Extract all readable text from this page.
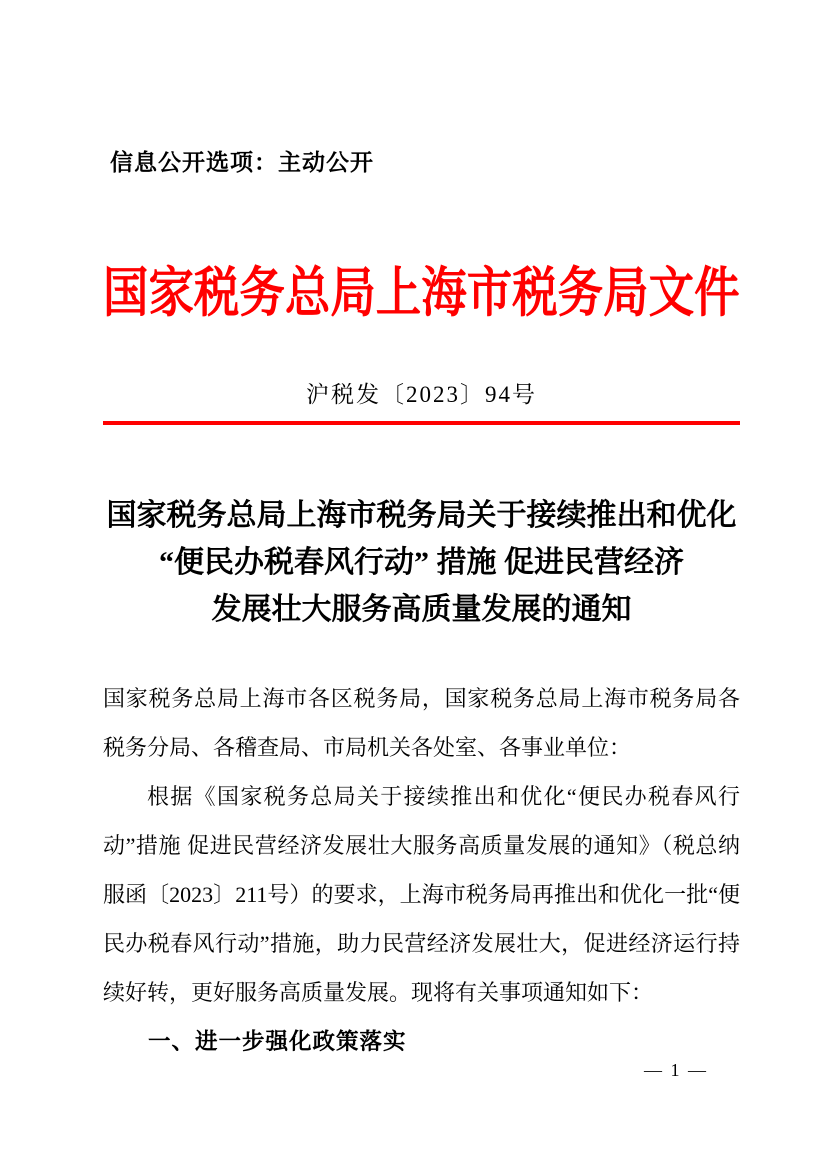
信息公开选项：主动公开
国家税务总局上海市税务局文件
沪税发〔2023〕94号
国家税务总局上海市税务局关于接续推出和优化
“便民办税春风行动” 措施 促进民营经济
发展壮大服务高质量发展的通知

国家税务总局上海市各区税务局，国家税务总局上海市税务局各税务分局、各稽查局、市局机关各处室、各事业单位：

根据《国家税务总局关于接续推出和优化“便民办税春风行动”措施 促进民营经济发展壮大服务高质量发展的通知》（税总纳服函〔2023〕211号）的要求，上海市税务局再推出和优化一批“便民办税春风行动”措施，助力民营经济发展壮大，促进经济运行持续好转，更好服务高质量发展。现将有关事项通知如下：

一、进一步强化政策落实

— 1 —
